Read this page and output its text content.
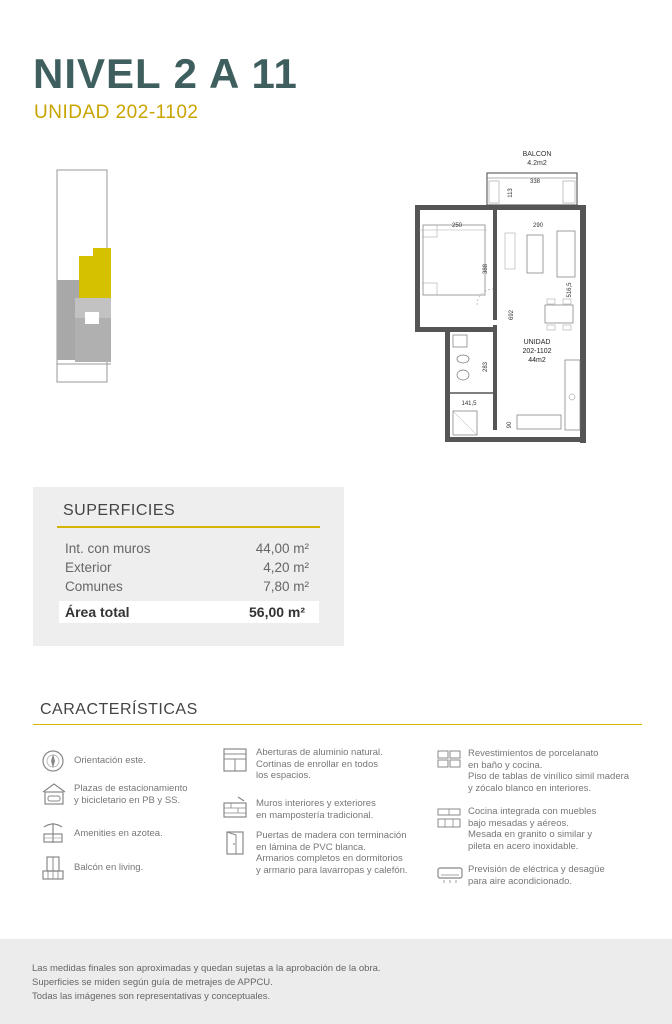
NIVEL 2 A 11
UNIDAD 202-1102
BALCON
4.2m2
338
113
250
388
290
516,5
692
UNIDAD
202-1102
44m2
90
283
141,5
SUPERFICIES
Int. con muros	44,00 m²
Exterior	4,20 m²
Comunes	7,80 m²
Área total	56,00 m²
CARACTERÍSTICAS
Orientación este.
Plazas de estacionamiento
y bicicletario en PB y SS.
Amenities en azotea.
Balcón en living.
Aberturas de aluminio natural.
Cortinas de enrollar en todos
los espacios.
Muros interiores y exteriores
en mampostería tradicional.
Puertas de madera con terminación
en lámina de PVC blanca.
Armarios completos en dormitorios
y armario para lavarropas y calefón.
Revestimientos de porcelanato
en baño y cocina.
Piso de tablas de vinílico simil madera
y zócalo blanco en interiores.
Cocina integrada con muebles
bajo mesadas y aéreos.
Mesada en granito o similar y
pileta en acero inoxidable.
Previsión de eléctrica y desagüe
para aire acondicionado.
Las medidas finales son aproximadas y quedan sujetas a la aprobación de la obra.
Superficies se miden según guía de metrajes de APPCU.
Todas las imágenes son representativas y conceptuales.
